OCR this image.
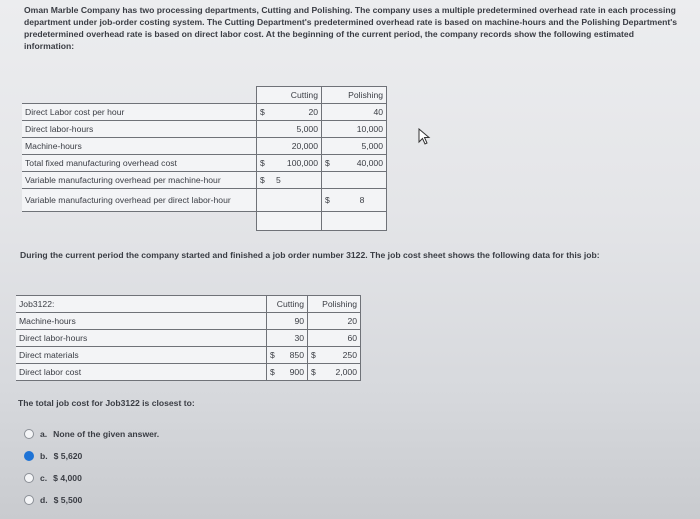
Oman Marble Company has two processing departments, Cutting and Polishing. The company uses a multiple predetermined overhead rate in each processing department under job-order costing system. The Cutting Department's predetermined overhead rate is based on machine-hours and the Polishing Department's predetermined overhead rate is based on direct labor cost. At the beginning of the current period, the company records show the following estimated information:
	Cutting		Polishing	
Direct Labor cost per hour	$	20		40
Direct labor-hours		5,000		10,000
Machine-hours		20,000		5,000
Total fixed manufacturing overhead cost	$	100,000	$	40,000
Variable manufacturing overhead per machine-hour	$	5		
Variable manufacturing overhead per direct labor-hour			$	8

During the current period the company started and finished a job order number 3122. The job cost sheet shows the following data for this job:
Job3122:	Cutting		Polishing	
Machine-hours		90		20
Direct labor-hours		30		60
Direct materials	$	850	$	250
Direct labor cost	$	900	$	2,000
The total job cost for Job3122 is closest to:
a. None of the given answer.
b. $ 5,620
c. $ 4,000
d. $ 5,500
